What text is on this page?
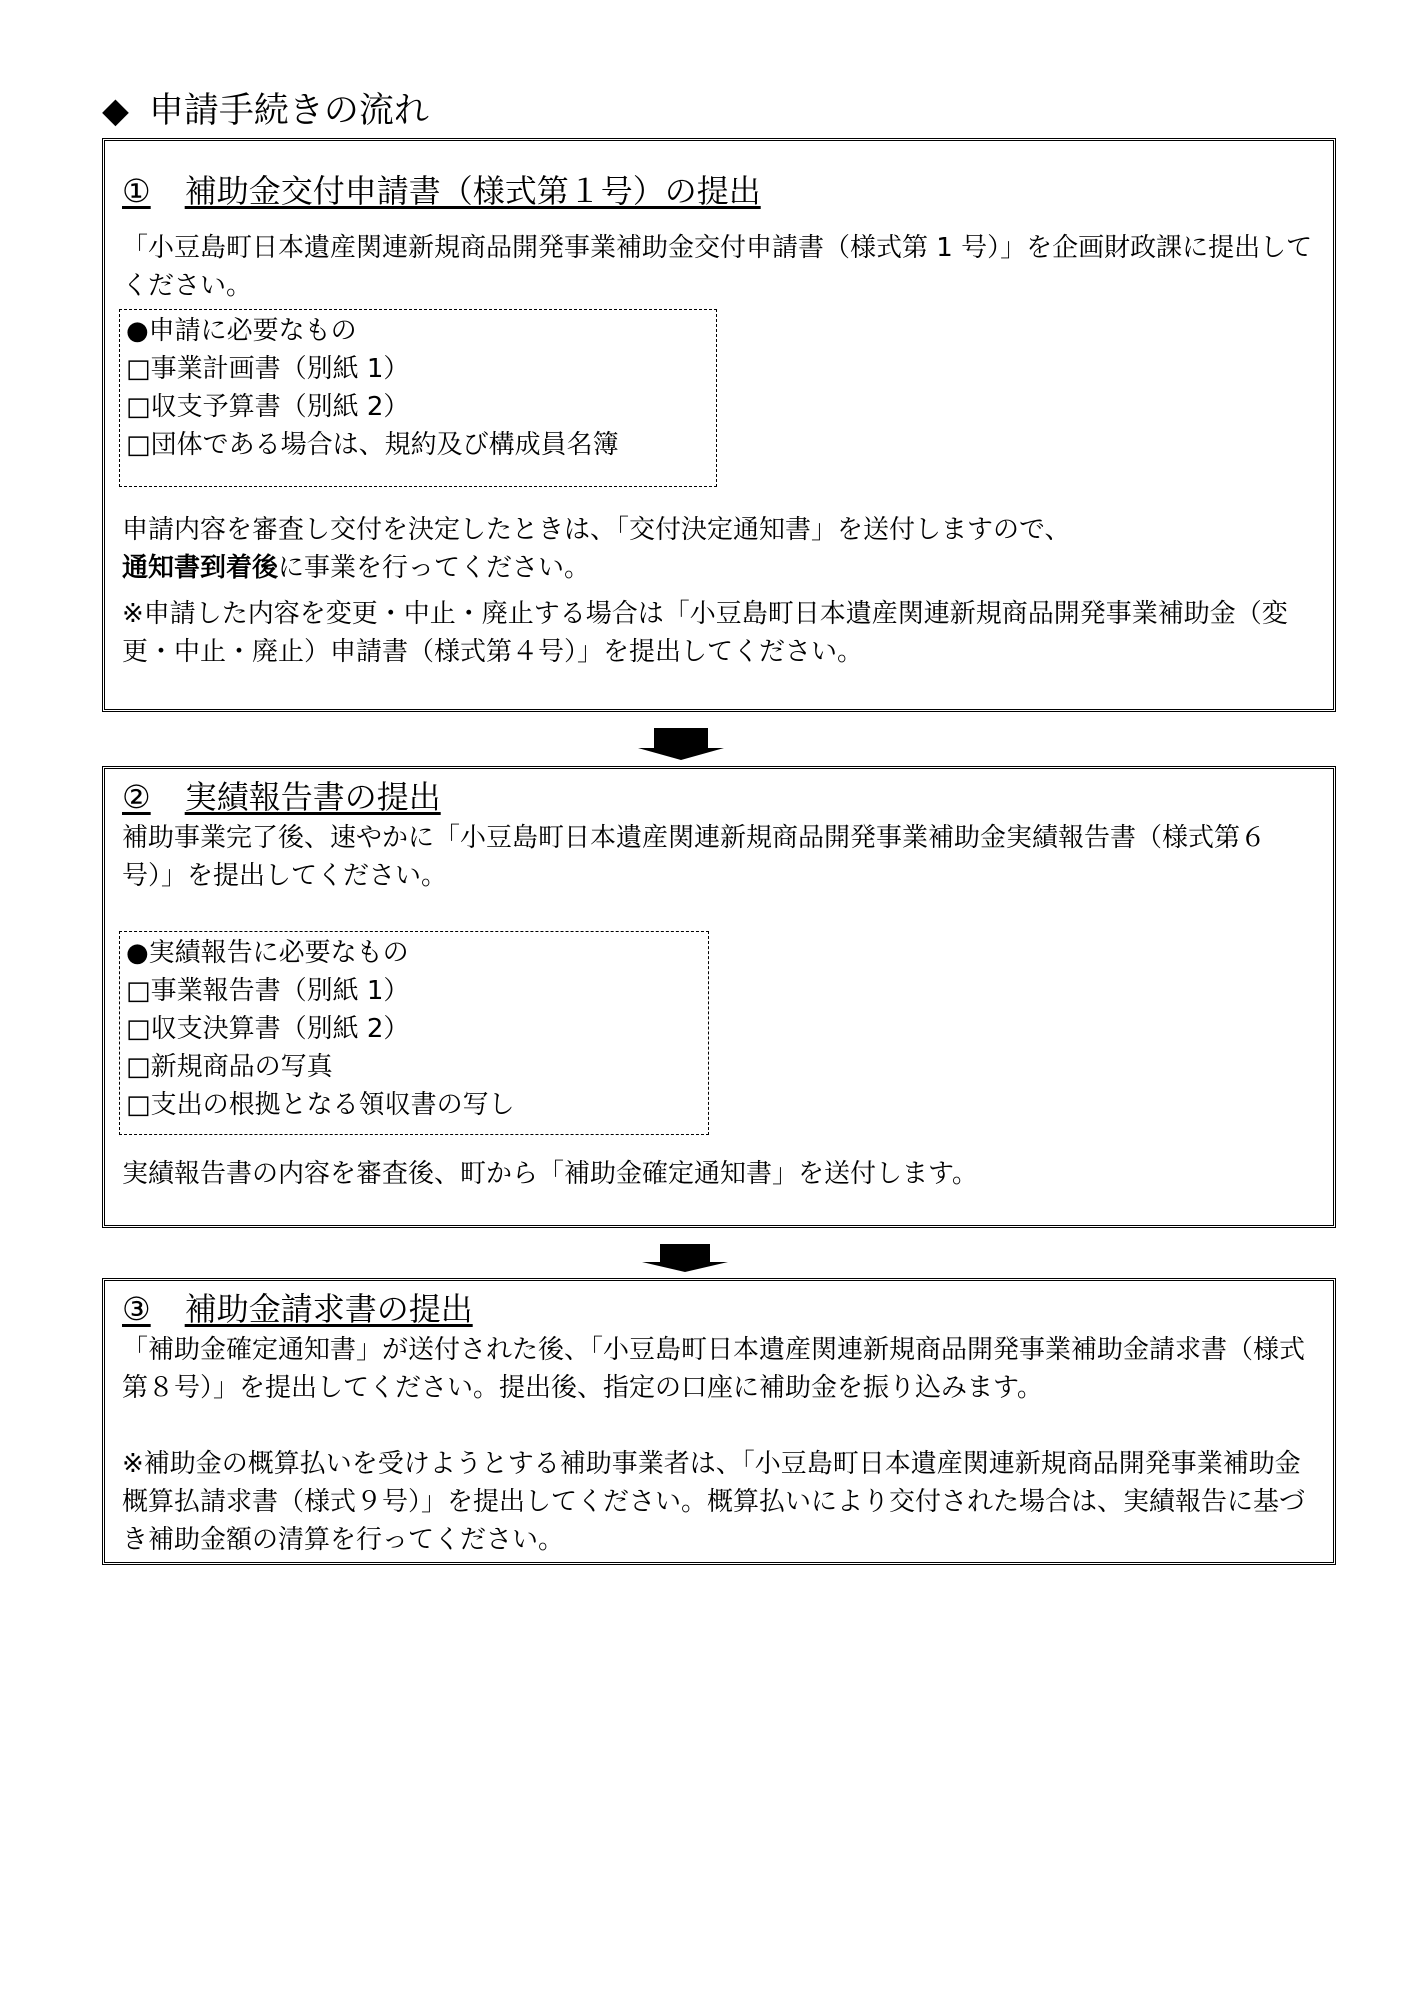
◆ 申請手続きの流れ
① 補助金交付申請書（様式第１号）の提出
「小豆島町日本遺産関連新規商品開発事業補助金交付申請書（様式第 1 号）」を企画財政課に提出してください。
●申請に必要なもの
□事業計画書（別紙 1）
□収支予算書（別紙 2）
□団体である場合は、規約及び構成員名簿
申請内容を審査し交付を決定したときは、「交付決定通知書」を送付しますので、
通知書到着後に事業を行ってください。
※申請した内容を変更・中止・廃止する場合は「小豆島町日本遺産関連新規商品開発事業補助金（変更・中止・廃止）申請書（様式第４号）」を提出してください。
② 実績報告書の提出
補助事業完了後、速やかに「小豆島町日本遺産関連新規商品開発事業補助金実績報告書（様式第６号）」を提出してください。
●実績報告に必要なもの
□事業報告書（別紙 1）
□収支決算書（別紙 2）
□新規商品の写真
□支出の根拠となる領収書の写し
実績報告書の内容を審査後、町から「補助金確定通知書」を送付します。
③ 補助金請求書の提出
「補助金確定通知書」が送付された後、「小豆島町日本遺産関連新規商品開発事業補助金請求書（様式第８号）」を提出してください。提出後、指定の口座に補助金を振り込みます。
※補助金の概算払いを受けようとする補助事業者は、「小豆島町日本遺産関連新規商品開発事業補助金概算払請求書（様式９号）」を提出してください。概算払いにより交付された場合は、実績報告に基づき補助金額の清算を行ってください。
